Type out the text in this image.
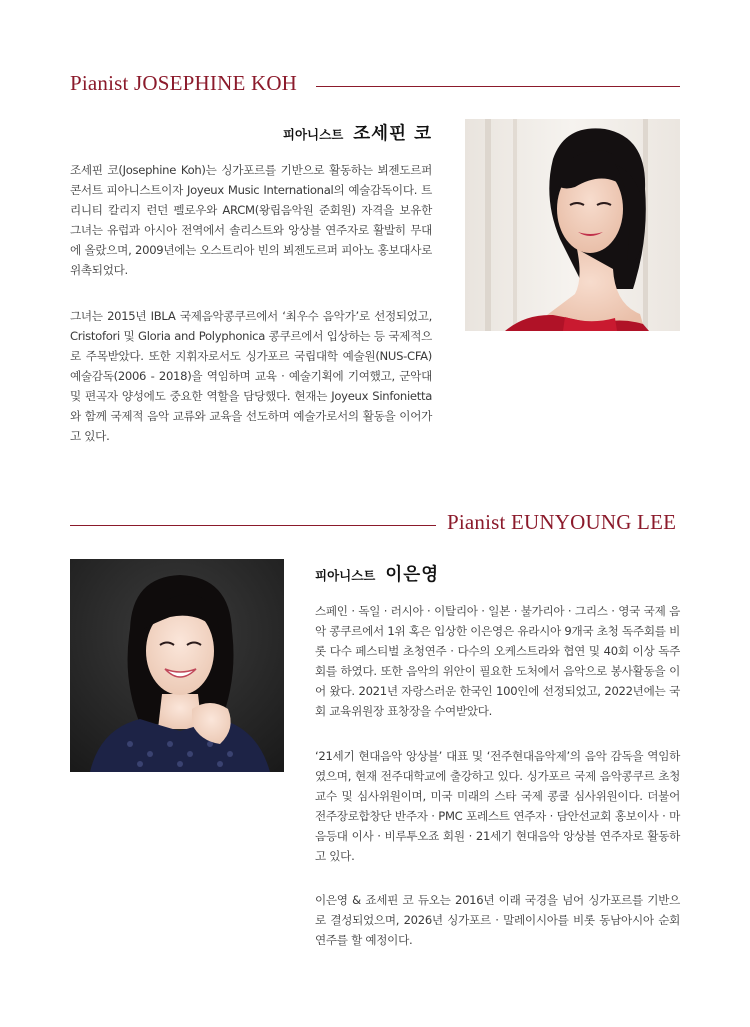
Pianist JOSEPHINE KOH
피아니스트 조세핀 코

조세핀 코(Josephine Koh)는 싱가포르를 기반으로 활동하는 뵈젠도르퍼 콘서트 피아니스트이자 Joyeux Music International의 예술감독이다. 트리니티 칼리지 런던 펠로우와 ARCM(왕립음악원 준회원) 자격을 보유한 그녀는 유럽과 아시아 전역에서 솔리스트와 앙상블 연주자로 활발히 무대에 올랐으며, 2009년에는 오스트리아 빈의 뵈젠도르퍼 피아노 홍보대사로 위촉되었다.

그녀는 2015년 IBLA 국제음악콩쿠르에서 ‘최우수 음악가’로 선정되었고, Cristofori 및 Gloria and Polyphonica 콩쿠르에서 입상하는 등 국제적으로 주목받았다. 또한 지휘자로서도 싱가포르 국립대학 예술원(NUS-CFA) 예술감독(2006 - 2018)을 역임하며 교육 · 예술기획에 기여했고, 군악대 및 편곡자 양성에도 중요한 역할을 담당했다. 현재는 Joyeux Sinfonietta와 함께 국제적 음악 교류와 교육을 선도하며 예술가로서의 활동을 이어가고 있다.

Pianist EUNYOUNG LEE
피아니스트 이은영

스페인 · 독일 · 러시아 · 이탈리아 · 일본 · 불가리아 · 그리스 · 영국 국제 음악 콩쿠르에서 1위 혹은 입상한 이은영은 유라시아 9개국 초청 독주회를 비롯 다수 페스티벌 초청연주 · 다수의 오케스트라와 협연 및 40회 이상 독주회를 하였다. 또한 음악의 위안이 필요한 도처에서 음악으로 봉사활동을 이어 왔다. 2021년 자랑스러운 한국인 100인에 선정되었고, 2022년에는 국회 교육위원장 표창장을 수여받았다.

‘21세기 현대음악 앙상블’ 대표 및 ‘전주현대음악제’의 음악 감독을 역임하였으며, 현재 전주대학교에 출강하고 있다. 싱가포르 국제 음악콩쿠르 초청교수 및 심사위원이며, 미국 미래의 스타 국제 콩쿨 심사위원이다. 더불어 전주장로합창단 반주자 · PMC 포레스트 연주자 · 담안선교회 홍보이사 · 마음등대 이사 · 비루투오죠 회원 · 21세기 현대음악 앙상블 연주자로 활동하고 있다.

이은영 & 죠세핀 코 듀오는 2016년 이래 국경을 넘어 싱가포르를 기반으로 결성되었으며, 2026년 싱가포르 · 말레이시아를 비롯 동남아시아 순회연주를 할 예정이다.
